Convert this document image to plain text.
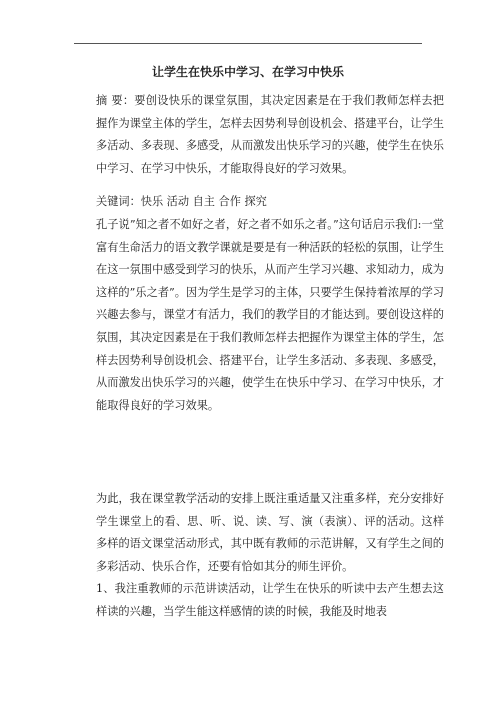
让学生在快乐中学习、在学习中快乐
摘 要：要创设快乐的课堂氛围，其决定因素是在于我们教师怎样去把握作为课堂主体的学生，怎样去因势利导创设机会、搭建平台，让学生多活动、多表现、多感受，从而激发出快乐学习的兴趣，使学生在快乐中学习、在学习中快乐，才能取得良好的学习效果。
关键词：快乐 活动 自主 合作 探究
孔子说”知之者不如好之者，好之者不如乐之者。”这句话启示我们:一堂富有生命活力的语文教学课就是要是有一种活跃的轻松的氛围，让学生在这一氛围中感受到学习的快乐，从而产生学习兴趣、求知动力，成为这样的”乐之者”。因为学生是学习的主体，只要学生保持着浓厚的学习兴趣去参与，课堂才有活力，我们的教学目的才能达到。要创设这样的氛围，其决定因素是在于我们教师怎样去把握作为课堂主体的学生，怎样去因势利导创设机会、搭建平台，让学生多活动、多表现、多感受，从而激发出快乐学习的兴趣，使学生在快乐中学习、在学习中快乐，才能取得良好的学习效果。
为此，我在课堂教学活动的安排上既注重适量又注重多样，充分安排好学生课堂上的看、思、听、说、读、写、演（表演）、评的活动。这样多样的语文课堂活动形式，其中既有教师的示范讲解，又有学生之间的多彩活动、快乐合作，还要有恰如其分的师生评价。
1、我注重教师的示范讲读活动，让学生在快乐的听读中去产生想去这样读的兴趣，当学生能这样感情的读的时候，我能及时地表
